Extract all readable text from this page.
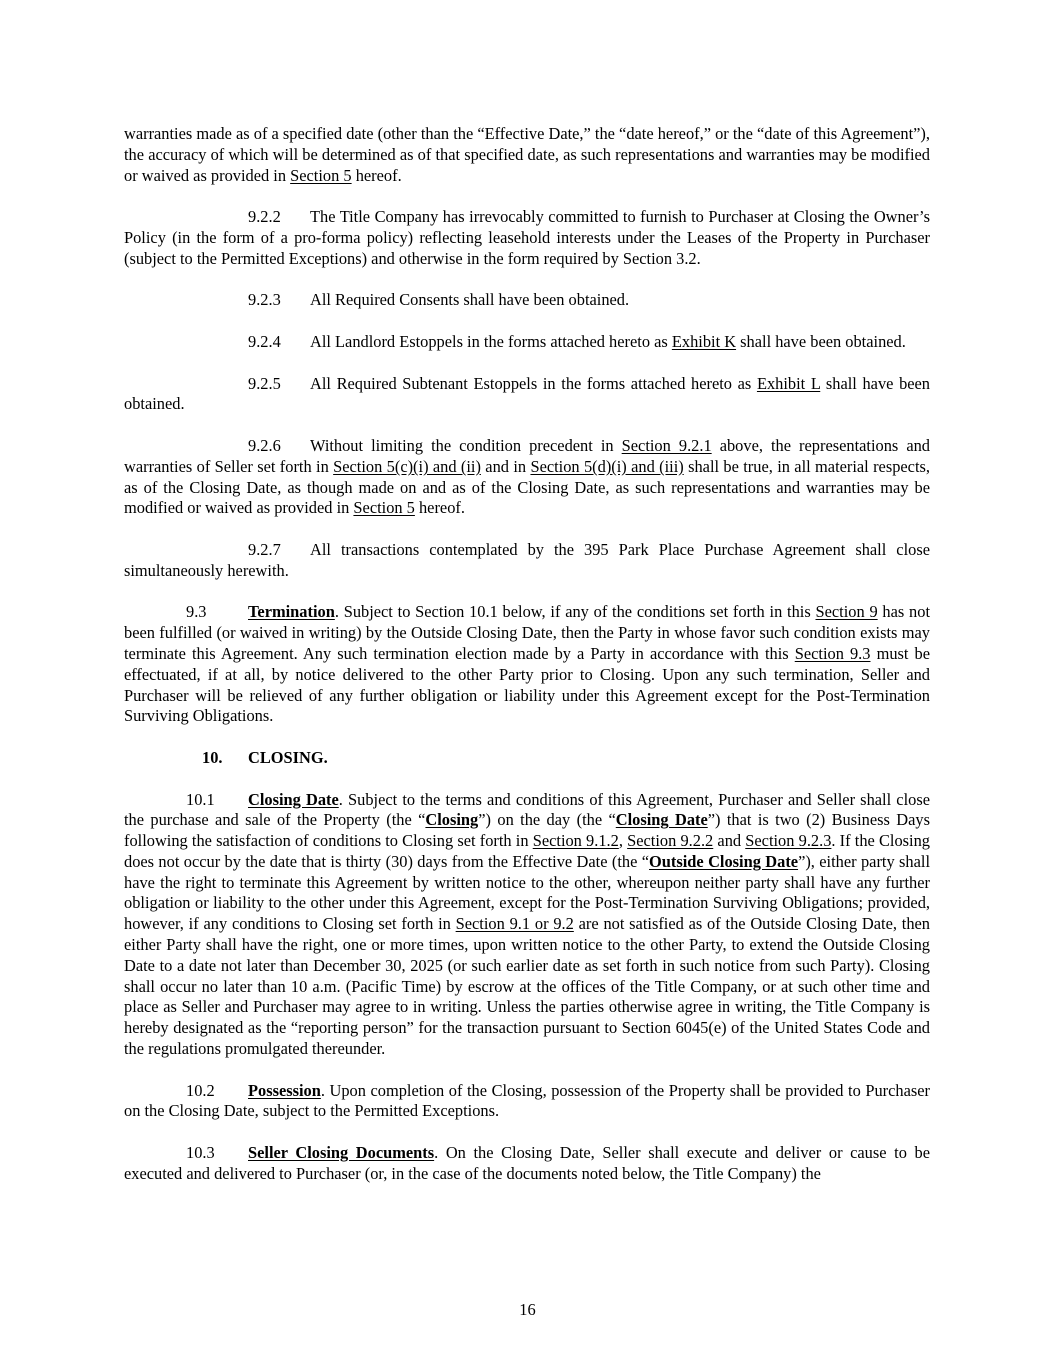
warranties made as of a specified date (other than the “Effective Date,” the “date hereof,” or the “date of this Agreement”), the accuracy of which will be determined as of that specified date, as such representations and warranties may be modified or waived as provided in Section 5 hereof.

9.2.2 The Title Company has irrevocably committed to furnish to Purchaser at Closing the Owner’s Policy (in the form of a pro-forma policy) reflecting leasehold interests under the Leases of the Property in Purchaser (subject to the Permitted Exceptions) and otherwise in the form required by Section 3.2.

9.2.3 All Required Consents shall have been obtained.

9.2.4 All Landlord Estoppels in the forms attached hereto as Exhibit K shall have been obtained.

9.2.5 All Required Subtenant Estoppels in the forms attached hereto as Exhibit L shall have been obtained.

9.2.6 Without limiting the condition precedent in Section 9.2.1 above, the representations and warranties of Seller set forth in Section 5(c)(i) and (ii) and in Section 5(d)(i) and (iii) shall be true, in all material respects, as of the Closing Date, as though made on and as of the Closing Date, as such representations and warranties may be modified or waived as provided in Section 5 hereof.

9.2.7 All transactions contemplated by the 395 Park Place Purchase Agreement shall close simultaneously herewith.

9.3	Termination. Subject to Section 10.1 below, if any of the conditions set forth in this Section 9 has not been fulfilled (or waived in writing) by the Outside Closing Date, then the Party in whose favor such condition exists may terminate this Agreement. Any such termination election made by a Party in accordance with this Section 9.3 must be effectuated, if at all, by notice delivered to the other Party prior to Closing. Upon any such termination, Seller and Purchaser will be relieved of any further obligation or liability under this Agreement except for the Post-Termination Surviving Obligations.

10. CLOSING.

10.1 Closing Date. Subject to the terms and conditions of this Agreement, Purchaser and Seller shall close the purchase and sale of the Property (the “Closing”) on the day (the “Closing Date”) that is two (2) Business Days following the satisfaction of conditions to Closing set forth in Section 9.1.2, Section 9.2.2 and Section 9.2.3. If the Closing does not occur by the date that is thirty (30) days from the Effective Date (the “Outside Closing Date”), either party shall have the right to terminate this Agreement by written notice to the other, whereupon neither party shall have any further obligation or liability to the other under this Agreement, except for the Post-Termination Surviving Obligations; provided, however, if any conditions to Closing set forth in Section 9.1 or 9.2 are not satisfied as of the Outside Closing Date, then either Party shall have the right, one or more times, upon written notice to the other Party, to extend the Outside Closing Date to a date not later than December 30, 2025 (or such earlier date as set forth in such notice from such Party). Closing shall occur no later than 10 a.m. (Pacific Time) by escrow at the offices of the Title Company, or at such other time and place as Seller and Purchaser may agree to in writing. Unless the parties otherwise agree in writing, the Title Company is hereby designated as the “reporting person” for the transaction pursuant to Section 6045(e) of the United States Code and the regulations promulgated thereunder.

10.2 Possession. Upon completion of the Closing, possession of the Property shall be provided to Purchaser on the Closing Date, subject to the Permitted Exceptions.

10.3 Seller Closing Documents. On the Closing Date, Seller shall execute and deliver or cause to be executed and delivered to Purchaser (or, in the case of the documents noted below, the Title Company) the

16
